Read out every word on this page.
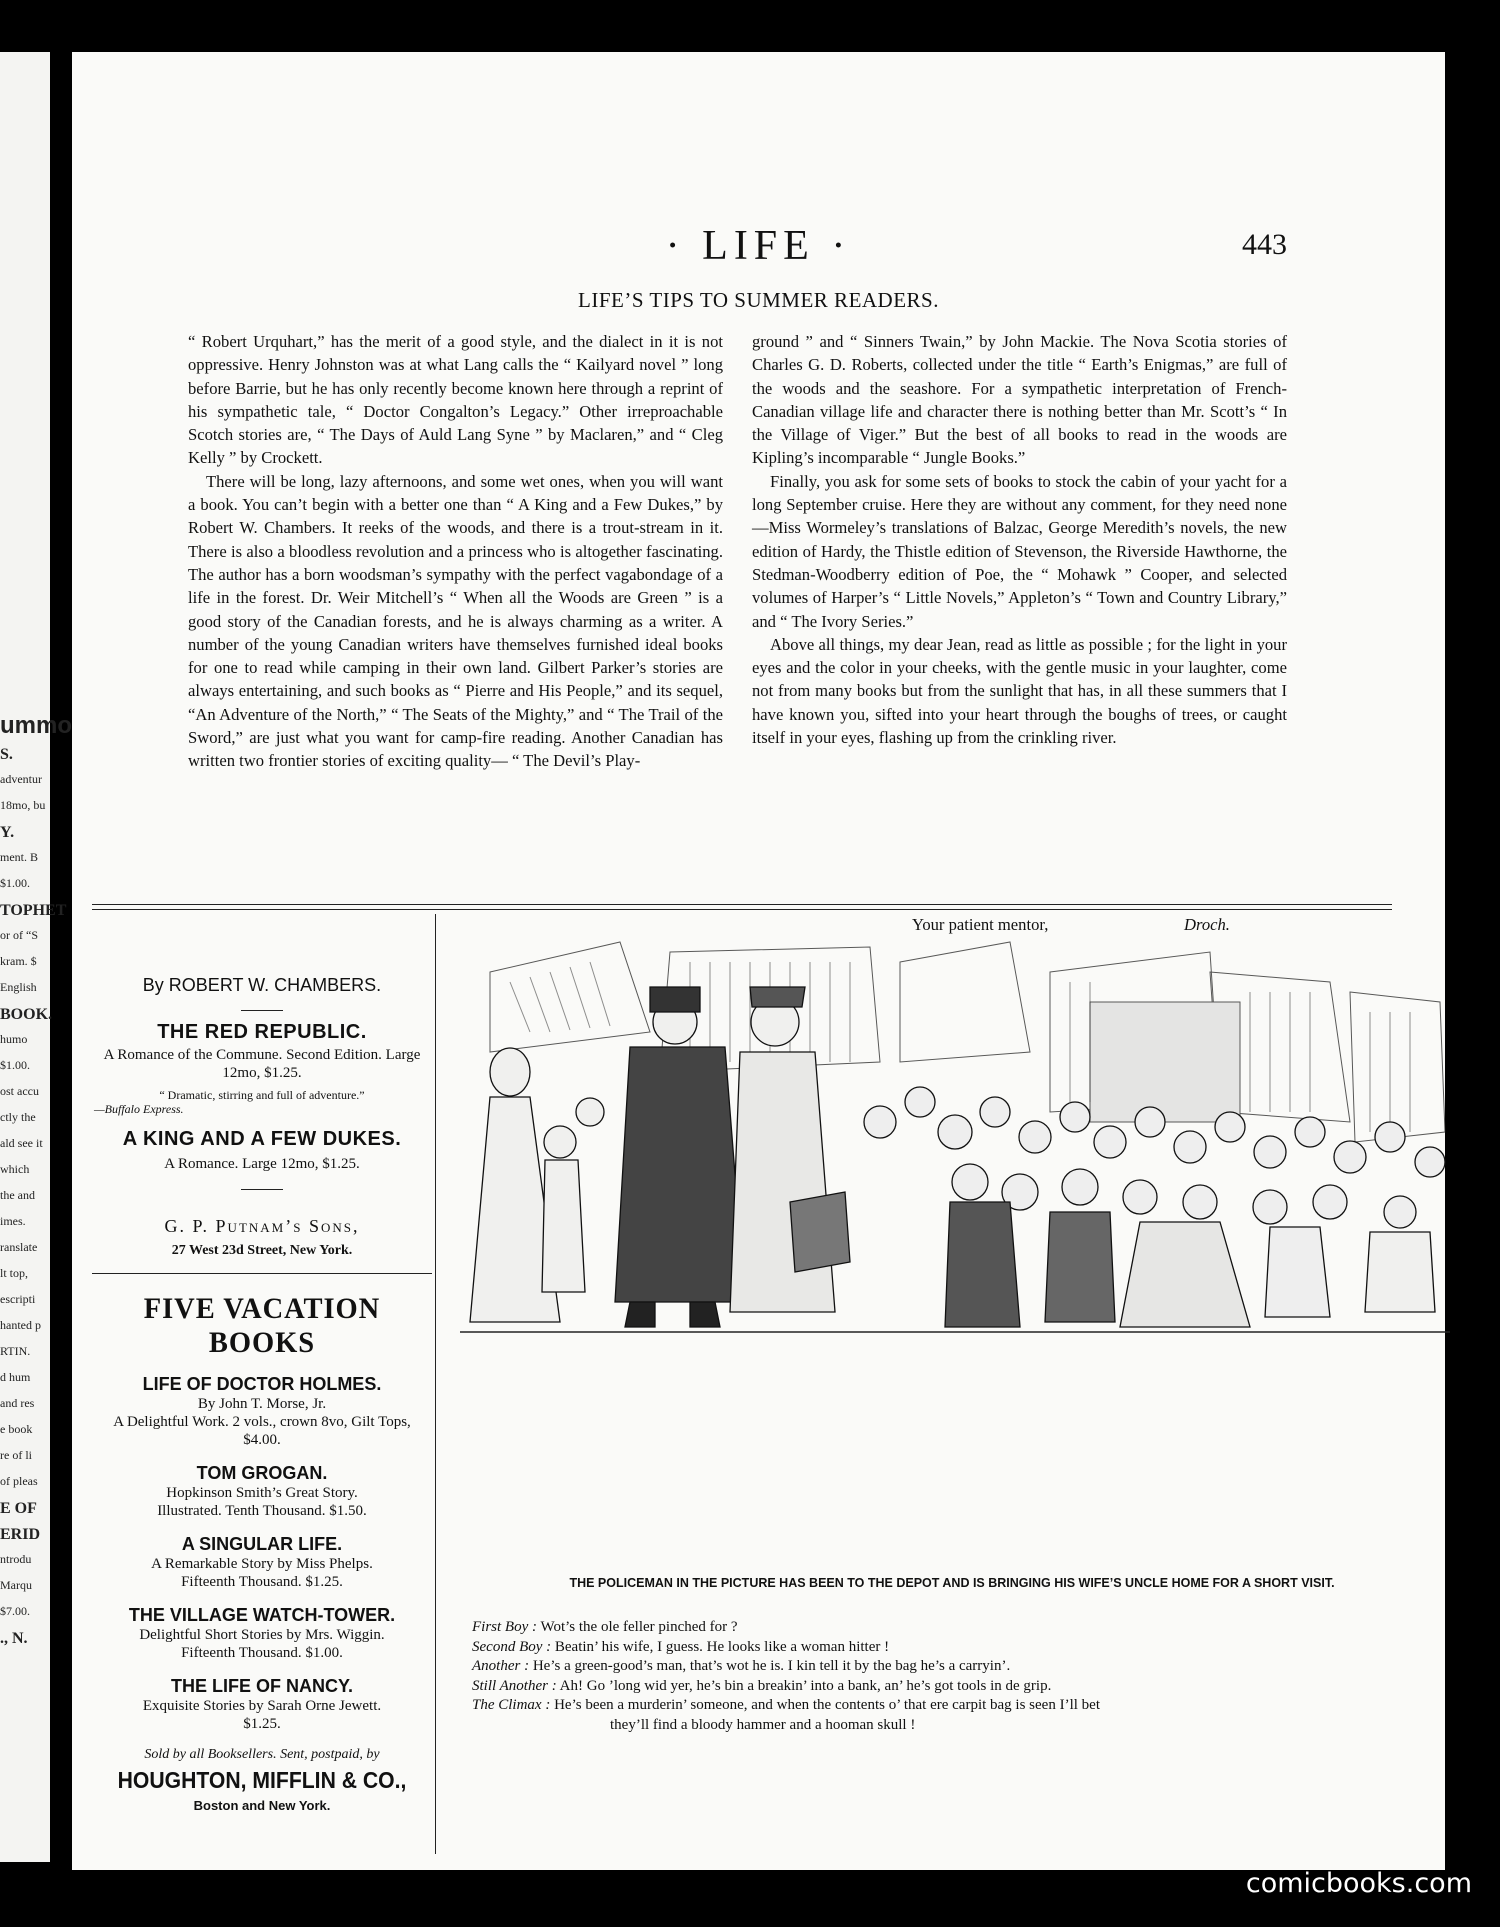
ummo
S.
adventur
18mo, bu
Y.
ment. B
$1.00.
TOPHET
or of “S
kram. $
English
BOOK.
humo
$1.00.
ost accu
ctly the
ald see it
which
the and
imes.
ranslate
lt top,
escripti
hanted p
RTIN.
d hum
and res
e book
re of li
of pleas
E OF
ERID
ntrodu
Marqu
$7.00.
., N.
· LIFE ·	443
LIFE’S TIPS TO SUMMER READERS.

“ Robert Urquhart,” has the merit of a good style, and the dialect in it is not oppressive. Henry Johnston was at what Lang calls the “ Kailyard novel ” long before Barrie, but he has only recently become known here through a reprint of his sympathetic tale, “ Doctor Congalton’s Legacy.” Other irreproachable Scotch stories are, “ The Days of Auld Lang Syne ” by Maclaren,” and “ Cleg Kelly ” by Crockett.

There will be long, lazy afternoons, and some wet ones, when you will want a book. You can’t begin with a better one than “ A King and a Few Dukes,” by Robert W. Chambers. It reeks of the woods, and there is a trout-stream in it. There is also a bloodless revolution and a princess who is altogether fascinating. The author has a born woodsman’s sympathy with the perfect vagabondage of a life in the forest. Dr. Weir Mitchell’s “ When all the Woods are Green ” is a good story of the Canadian forests, and he is always charming as a writer. A number of the young Canadian writers have themselves furnished ideal books for one to read while camping in their own land. Gilbert Parker’s stories are always entertaining, and such books as “ Pierre and His People,” and its sequel, “An Adventure of the North,” “ The Seats of the Mighty,” and “ The Trail of the Sword,” are just what you want for camp-fire reading. Another Canadian has written two frontier stories of exciting quality— “ The Devil’s Play-

ground ” and “ Sinners Twain,” by John Mackie. The Nova Scotia stories of Charles G. D. Roberts, collected under the title “ Earth’s Enigmas,” are full of the woods and the seashore. For a sympathetic interpretation of French-Canadian village life and character there is nothing better than Mr. Scott’s “ In the Village of Viger.” But the best of all books to read in the woods are Kipling’s incomparable “ Jungle Books.”

Finally, you ask for some sets of books to stock the cabin of your yacht for a long September cruise. Here they are without any comment, for they need none—Miss Wormeley’s translations of Balzac, George Meredith’s novels, the new edition of Hardy, the Thistle edition of Stevenson, the Riverside Hawthorne, the Stedman-Woodberry edition of Poe, the “ Mohawk ” Cooper, and selected volumes of Harper’s “ Little Novels,” Appleton’s “ Town and Country Library,” and “ The Ivory Series.”

Above all things, my dear Jean, read as little as possible ; for the light in your eyes and the color in your cheeks, with the gentle music in your laughter, come not from many books but from the sunlight that has, in all these summers that I have known you, sifted into your heart through the boughs of trees, or caught itself in your eyes, flashing up from the crinkling river.

Your patient mentor,	Droch.
By ROBERT W. CHAMBERS.
THE RED REPUBLIC.
A Romance of the Commune. Second Edition. Large 12mo, $1.25.
“ Dramatic, stirring and full of adventure.”
—Buffalo Express.
A KING AND A FEW DUKES.
A Romance. Large 12mo, $1.25.
G. P. Putnam’s Sons,
27 West 23d Street, New York.
FIVE VACATION BOOKS
LIFE OF DOCTOR HOLMES.
By John T. Morse, Jr.
A Delightful Work. 2 vols., crown 8vo, Gilt Tops, $4.00.
TOM GROGAN.
Hopkinson Smith’s Great Story.
Illustrated. Tenth Thousand. $1.50.
A SINGULAR LIFE.
A Remarkable Story by Miss Phelps.
Fifteenth Thousand. $1.25.
THE VILLAGE WATCH-TOWER.
Delightful Short Stories by Mrs. Wiggin.
Fifteenth Thousand. $1.00.
THE LIFE OF NANCY.
Exquisite Stories by Sarah Orne Jewett.
$1.25.
Sold by all Booksellers. Sent, postpaid, by
HOUGHTON, MIFFLIN & CO.,
Boston and New York.
THE POLICEMAN IN THE PICTURE HAS BEEN TO THE DEPOT AND IS BRINGING HIS WIFE’S UNCLE HOME FOR A SHORT VISIT.
First Boy : Wot’s the ole feller pinched for ?
Second Boy : Beatin’ his wife, I guess. He looks like a woman hitter !
Another : He’s a green-good’s man, that’s wot he is. I kin tell it by the bag he’s a carryin’.
Still Another : Ah! Go ’long wid yer, he’s bin a breakin’ into a bank, an’ he’s got tools in de grip.
The Climax : He’s been a murderin’ someone, and when the contents o’ that ere carpit bag is seen I’ll bet
they’ll find a bloody hammer and a hooman skull !
comicbooks.com
